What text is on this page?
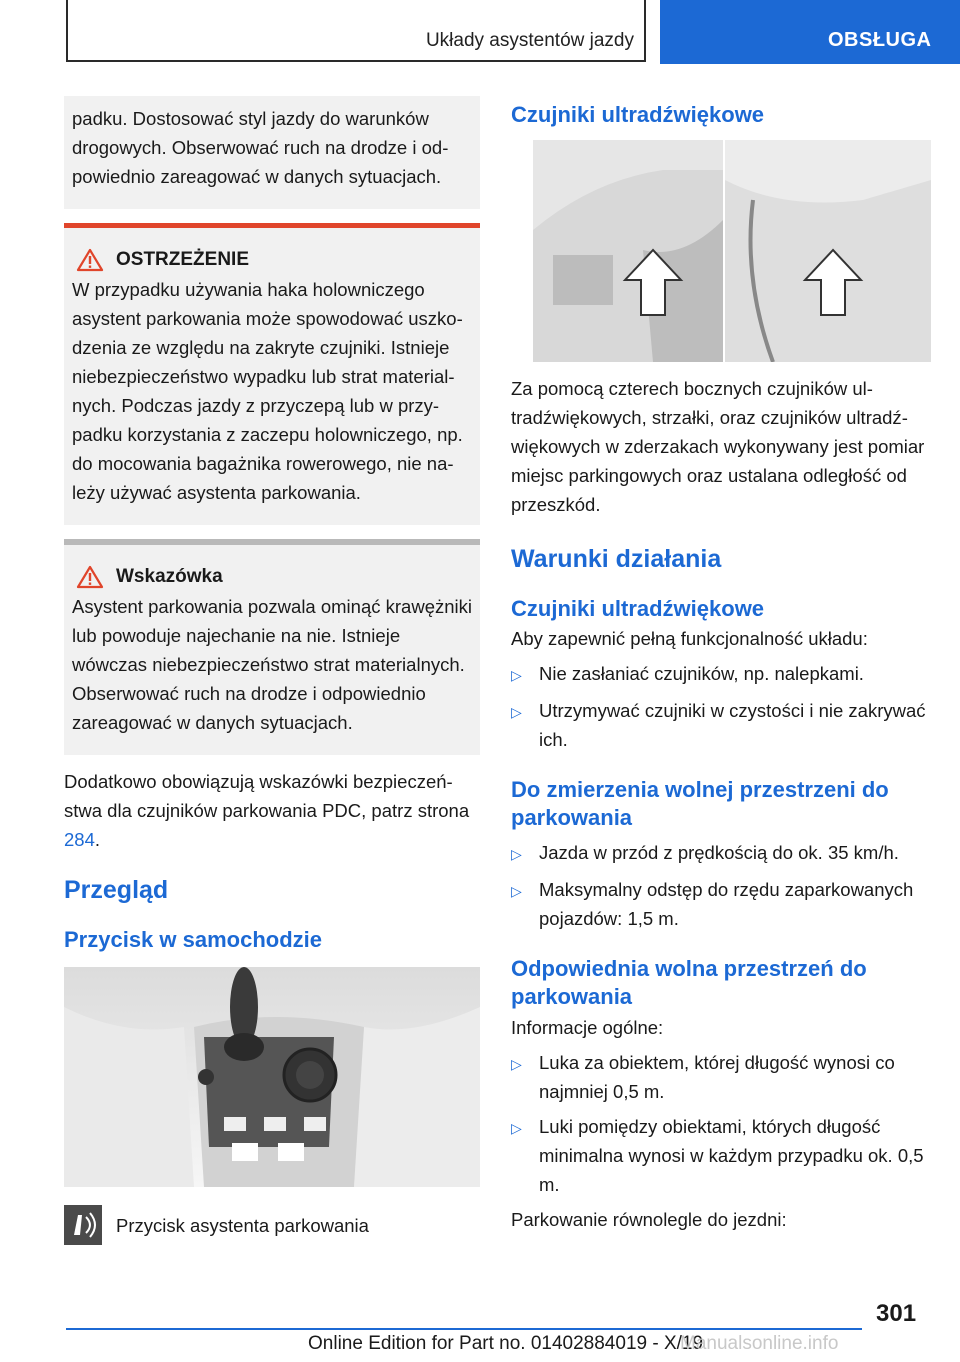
Układy asystentów jazdy	OBSŁUGA
padku. Dostosować styl jazdy do warunków drogowych. Obserwować ruch na drodze i odpowiednio zareagować w danych sytuacjach.
OSTRZEŻENIE
W przypadku używania haka holowniczego asystent parkowania może spowodować uszkodzenia ze względu na zakryte czujniki. Istnieje niebezpieczeństwo wypadku lub strat materialnych. Podczas jazdy z przyczepą lub w przypadku korzystania z zaczepu holowniczego, np. do mocowania bagażnika rowerowego, nie należy używać asystenta parkowania.
Wskazówka
Asystent parkowania pozwala ominąć krawężniki lub powoduje najechanie na nie. Istnieje wówczas niebezpieczeństwo strat materialnych. Obserwować ruch na drodze i odpowiednio zareagować w danych sytuacjach.
Dodatkowo obowiązują wskazówki bezpieczeństwa dla czujników parkowania PDC, patrz strona 284.
Przegląd
Przycisk w samochodzie
Przycisk asystenta parkowania
Czujniki ultradźwiękowe
Za pomocą czterech bocznych czujników ultradźwiękowych, strzałki, oraz czujników ultradźwiękowych w zderzakach wykonywany jest pomiar miejsc parkingowych oraz ustalana odległość od przeszkód.
Warunki działania
Czujniki ultradźwiękowe
Aby zapewnić pełną funkcjonalność układu:
▷ Nie zasłaniać czujników, np. nalepkami.
▷ Utrzymywać czujniki w czystości i nie zakrywać ich.
Do zmierzenia wolnej przestrzeni do parkowania
▷ Jazda w przód z prędkością do ok. 35 km/h.
▷ Maksymalny odstęp do rzędu zaparkowanych pojazdów: 1,5 m.
Odpowiednia wolna przestrzeń do parkowania
Informacje ogólne:
▷ Luka za obiektem, której długość wynosi co najmniej 0,5 m.
▷ Luki pomiędzy obiektami, których długość minimalna wynosi w każdym przypadku ok. 0,5 m.
Parkowanie równolegle do jezdni:
301
Online Edition for Part no. 01402884019 - X/19
Manualsonline.info
